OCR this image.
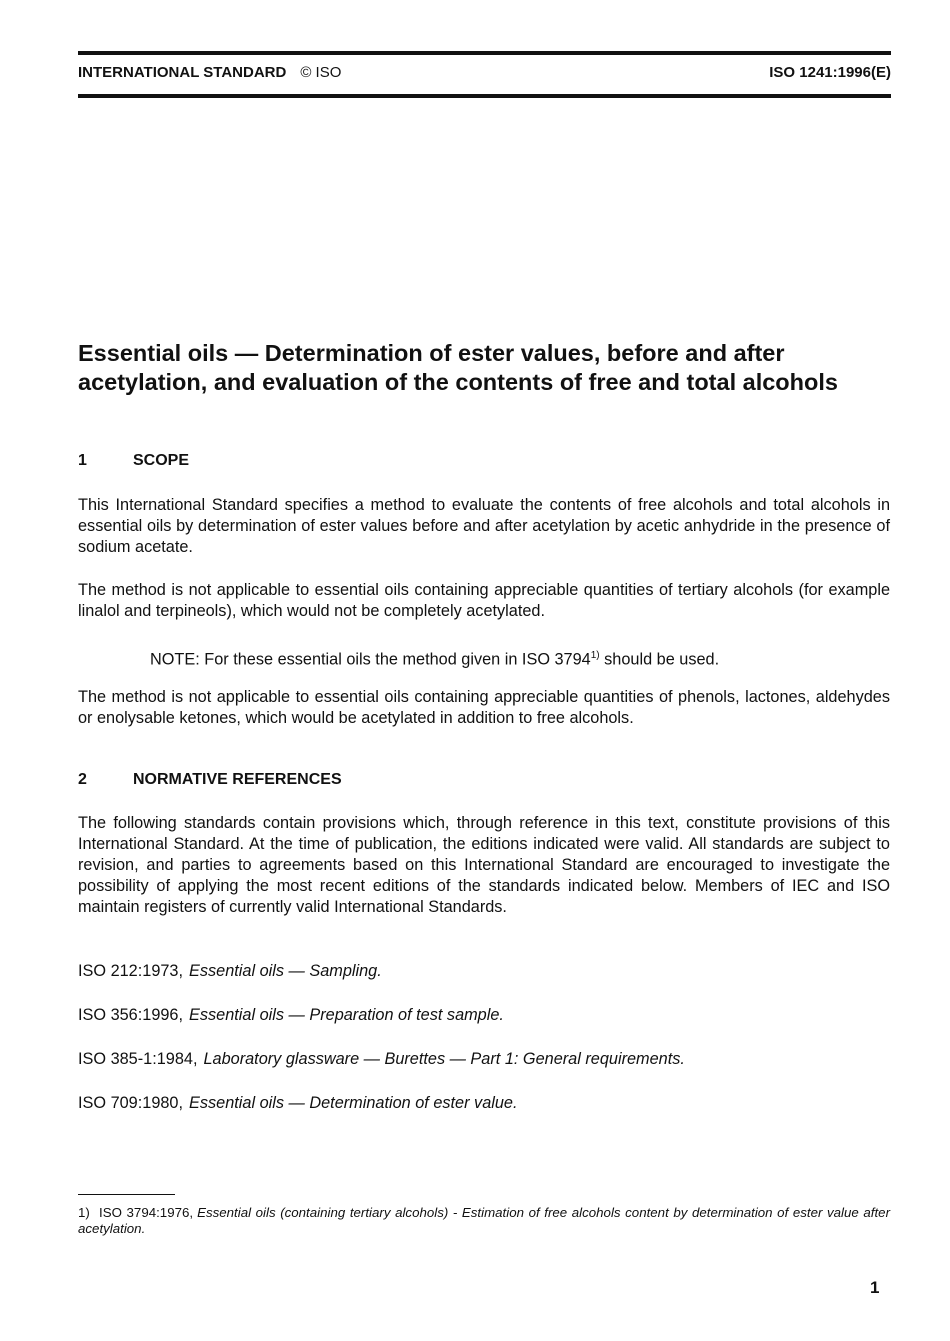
INTERNATIONAL STANDARD © ISO	ISO 1241:1996(E)
Essential oils — Determination of ester values, before and after
acetylation, and evaluation of the contents of free and total alcohols
1	SCOPE

This International Standard specifies a method to evaluate the contents of free alcohols and total alcohols in essential oils by determination of ester values before and after acetylation by acetic anhydride in the presence of sodium acetate.

The method is not applicable to essential oils containing appreciable quantities of tertiary alcohols (for example linalol and terpineols), which would not be completely acetylated.

NOTE: For these essential oils the method given in ISO 3794$^{1)}$ should be used.

The method is not applicable to essential oils containing appreciable quantities of phenols, lactones, aldehydes or enolysable ketones, which would be acetylated in addition to free alcohols.

2	NORMATIVE REFERENCES

The following standards contain provisions which, through reference in this text, constitute provisions of this International Standard. At the time of publication, the editions indicated were valid. All standards are subject to revision, and parties to agreements based on this International Standard are encouraged to investigate the possibility of applying the most recent editions of the standards indicated below. Members of IEC and ISO maintain registers of currently valid International Standards.

ISO 212:1973, Essential oils — Sampling.
ISO 356:1996, Essential oils — Preparation of test sample.
ISO 385-1:1984, Laboratory glassware — Burettes — Part 1: General requirements.
ISO 709:1980, Essential oils — Determination of ester value.

1) ISO 3794:1976, Essential oils (containing tertiary alcohols) - Estimation of free alcohols content by determination of ester value after acetylation.

1
